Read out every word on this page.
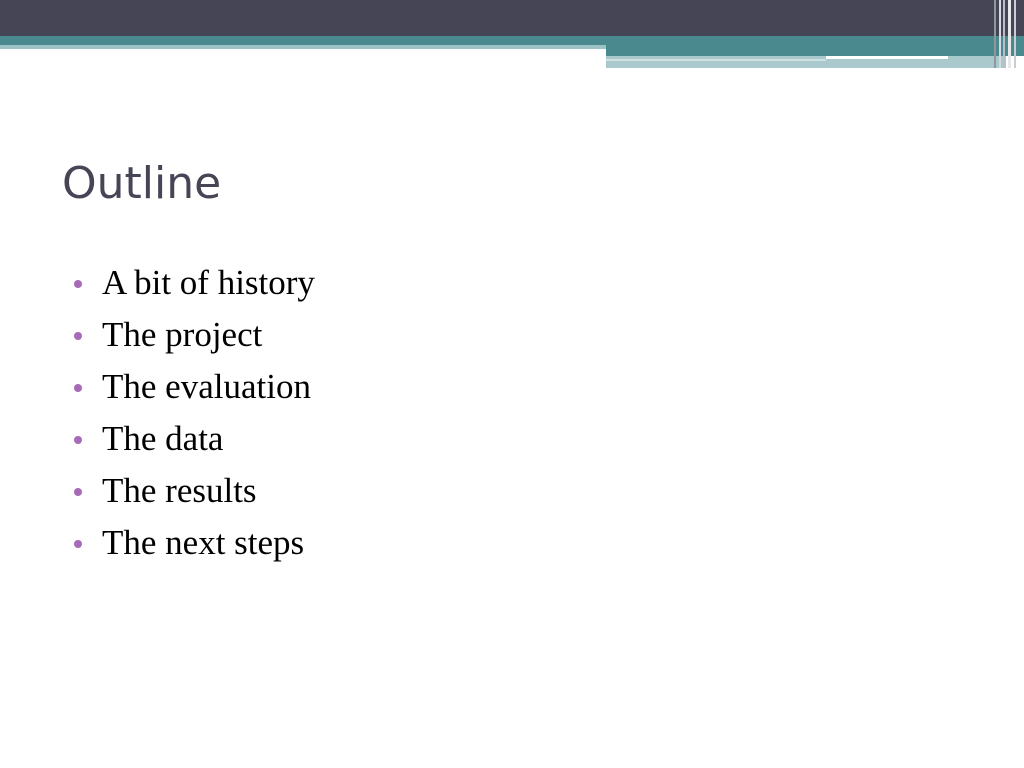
Outline
A bit of history
The project
The evaluation
The data
The results
The next steps
